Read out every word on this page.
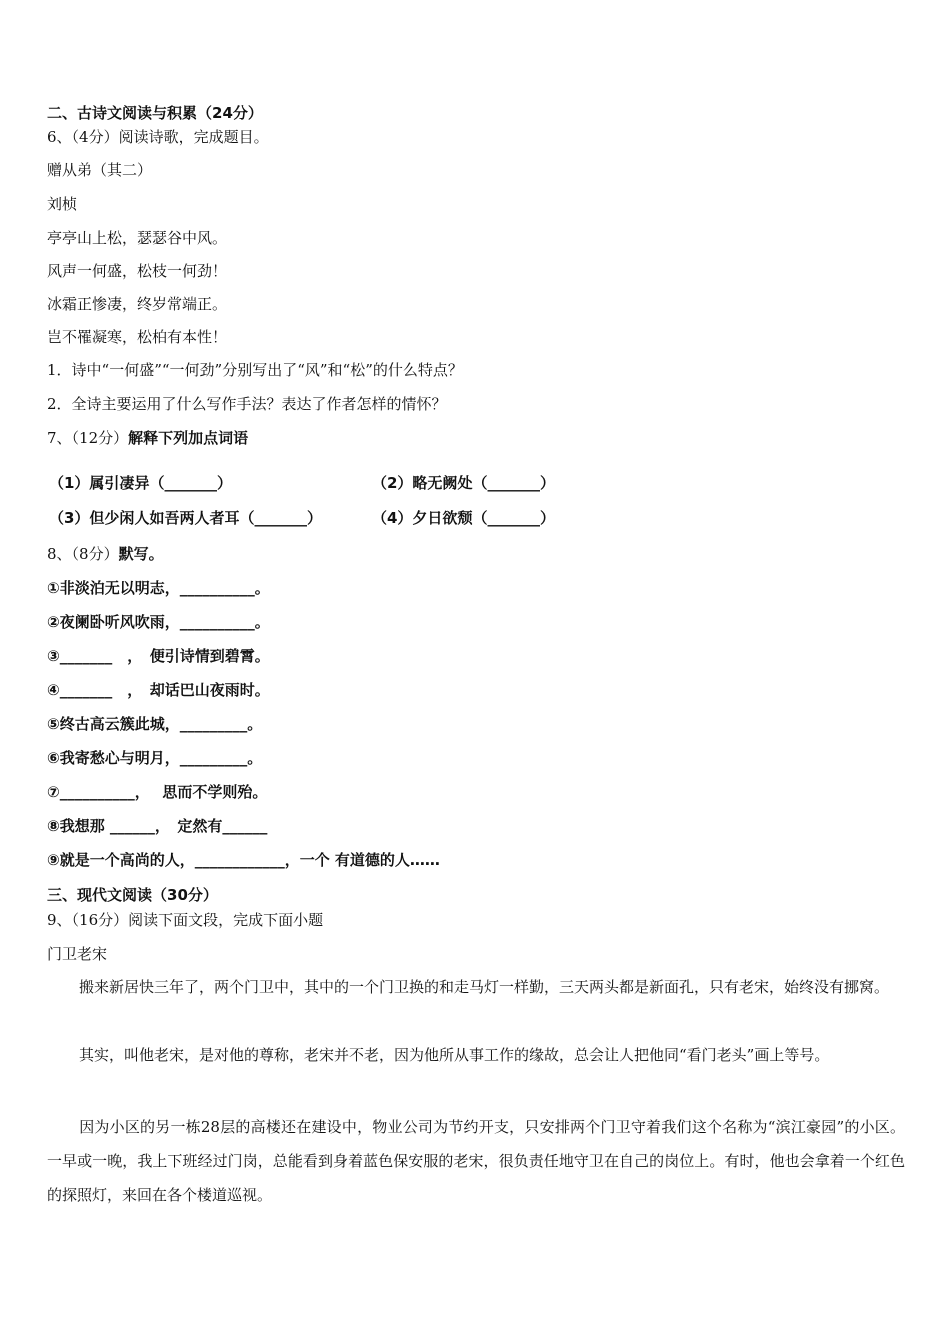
二、古诗文阅读与积累（24分）
6、（4分）阅读诗歌，完成题目。
赠从弟（其二）
刘桢
亭亭山上松，瑟瑟谷中风。
风声一何盛，松枝一何劲！
冰霜正惨凄，终岁常端正。
岂不罹凝寒，松柏有本性！
1．诗中“一何盛”“一何劲”分别写出了“风”和“松”的什么特点？
2．全诗主要运用了什么写作手法？表达了作者怎样的情怀？
7、（12分）解释下列加点词语
（1）属引凄异（_______）	（2）略无阙处（_______）
（3）但少闲人如吾两人者耳（_______）	（4）夕日欲颓（_______）
8、（8分）默写。
①非淡泊无以明志，__________。
②夜阑卧听风吹雨，__________。
③_______　，　便引诗情到碧霄。
④_______　，　却话巴山夜雨时。
⑤终古高云簇此城，_________。
⑥我寄愁心与明月，_________。
⑦__________，　 思而不学则殆。
⑧我想那 ______，　定然有______
⑨就是一个高尚的人，____________，一个 有道德的人……
三、现代文阅读（30分）
9、（16分）阅读下面文段，完成下面小题
门卫老宋
搬来新居快三年了，两个门卫中，其中的一个门卫换的和走马灯一样勤，三天两头都是新面孔，只有老宋，始终没有挪窝。
其实，叫他老宋，是对他的尊称，老宋并不老，因为他所从事工作的缘故，总会让人把他同“看门老头”画上等号。
因为小区的另一栋28层的高楼还在建设中，物业公司为节约开支，只安排两个门卫守着我们这个名称为“滨江豪园”的小区。一早或一晚，我上下班经过门岗，总能看到身着蓝色保安服的老宋，很负责任地守卫在自己的岗位上。有时，他也会拿着一个红色的探照灯，来回在各个楼道巡视。
